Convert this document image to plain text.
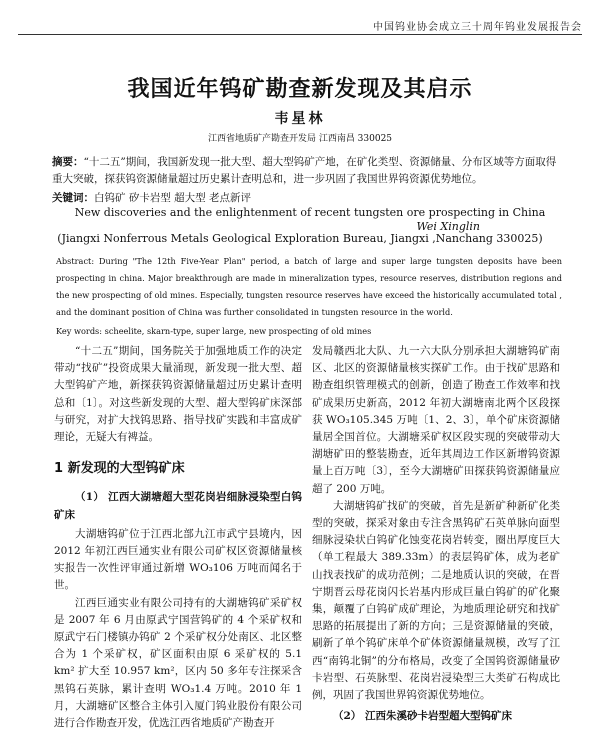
中国钨业协会成立三十周年钨业发展报告会
我国近年钨矿勘查新发现及其启示
韦星林
江西省地质矿产勘查开发局 江西南昌 330025
摘要：“十二五”期间，我国新发现一批大型、超大型钨矿产地，在矿化类型、资源储量、分布区域等方面取得重大突破，探获钨资源储量超过历史累计查明总和，进一步巩固了我国世界钨资源优势地位。
关键词：白钨矿 矽卡岩型 超大型 老点新评
New discoveries and the enlightenment of recent tungsten ore prospecting in China
Wei Xinglin
(Jiangxi Nonferrous Metals Geological Exploration Bureau, Jiangxi ,Nanchang 330025)
Abstract: During "The 12th Five-Year Plan" period, a batch of large and super large tungsten deposits have been prospecting in china. Major breakthrough are made in mineralization types, resource reserves, distribution regions and the new prospecting of old mines. Especially, tungsten resource reserves have exceed the historically accumulated total , and the dominant position of China was further consolidated in tungsten resource in the world.
Key words: scheelite, skarn-type, super large, new prospecting of old mines

“十二五”期间，国务院关于加强地质工作的决定带动“找矿”投资成果大量涌现，新发现一批大型、超大型钨矿产地，新探获钨资源储量超过历史累计查明总和〔1〕。对这些新发现的大型、超大型钨矿床深部与研究，对扩大找钨思路、指导找矿实践和丰富成矿理论，无疑大有裨益。

1 新发现的大型钨矿床
（1） 江西大湖塘超大型花岗岩细脉浸染型白钨矿床

大湖塘钨矿位于江西北部九江市武宁县境内，因 2012 年初江西巨通实业有限公司矿权区资源储量核实报告一次性评审通过新增 WO₃106 万吨而闻名于世。

江西巨通实业有限公司持有的大湖塘钨矿采矿权是 2007 年 6 月由原武宁国营钨矿的 4 个采矿权和原武宁石门楼镇办钨矿 2 个采矿权分处南区、北区整合为 1 个采矿权，矿区面积由原 6 采矿权的 5.1 km² 扩大至 10.957 km²，区内 50 多年专注探采含黑钨石英脉，累计查明 WO₃1.4 万吨。2010 年 1 月，大湖塘矿区整合主体引入厦门钨业股份有限公司进行合作勘查开发，优选江西省地质矿产勘查开

发局赣西北大队、九一六大队分别承担大湖塘钨矿南区、北区的资源储量核实探矿工作。由于找矿思路和勘查组织管理模式的创新，创造了勘查工作效率和找矿成果历史新高，2012 年初大湖塘南北两个区段探获 WO₃105.345 万吨〔1、2、3〕，单个矿床资源储量居全国首位。大湖塘采矿权区段实现的突破带动大湖塘矿田的整装勘查，近年其周边工作区新增钨资源量上百万吨〔3〕，至今大湖塘矿田探获钨资源储量应超了 200 万吨。

大湖塘钨矿找矿的突破，首先是新矿种新矿化类型的突破，探采对象由专注含黑钨矿石英单脉向面型细脉浸染状白钨矿化蚀变花岗岩转变，圈出厚度巨大（单工程最大 389.33m）的表层钨矿体，成为老矿山找表找矿的成功范例；二是地质认识的突破，在晋宁期晋云母花岗闪长岩基内形成巨量白钨矿的矿化聚集，颠覆了白钨矿成矿理论，为地质理论研究和找矿思路的拓展提出了新的方向；三是资源储量的突破，刷新了单个钨矿床单个矿体资源储量规模，改写了江西“南钨北铜”的分布格局，改变了全国钨资源储量矽卡岩型、石英脉型、花岗岩浸染型三大类矿石构成比例，巩固了我国世界钨资源优势地位。

（2） 江西朱溪砂卡岩型超大型钨矿床
